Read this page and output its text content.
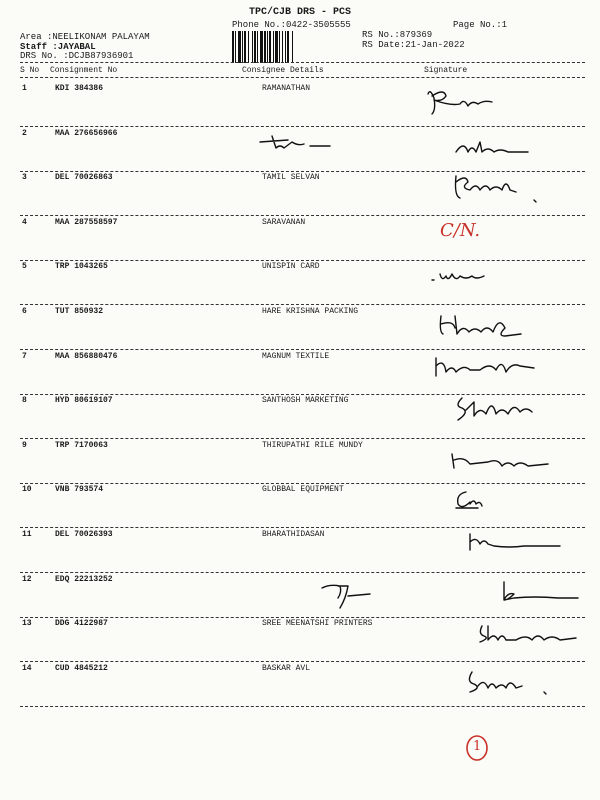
TPC/CJB DRS - PCS
Phone No.:0422-3505555	Page No.:1
RS No.:879369
RS Date:21-Jan-2022
Area :NEELIKONAM PALAYAM
Staff :JAYABAL
DRS No. :DCJB87936901
S No Consignment No	Consignee Details	Signature
1	KDI 384386	RAMANATHAN
2	MAA 276656966
3	DEL 70026863	TAMIL SELVAN
4	MAA 287558597	SARAVANAN
5	TRP 1043265	UNISPIN CARD
6	TUT 850932	HARE KRISHNA PACKING
7	MAA 856880476	MAGNUM TEXTILE
8	HYD 80619107	SANTHOSH MARKETING
9	TRP 7170063	THIRUPATHI RILE MUNDY
10	VNB 793574	GLOBBAL EQUIPMENT
11	DEL 70026393	BHARATHIDASAN
12	EDQ 22213252
13	DDG 4122987	SREE MEENATSHI PRINTERS
14	CUD 4845212	BASKAR AVL
C/N.
1
